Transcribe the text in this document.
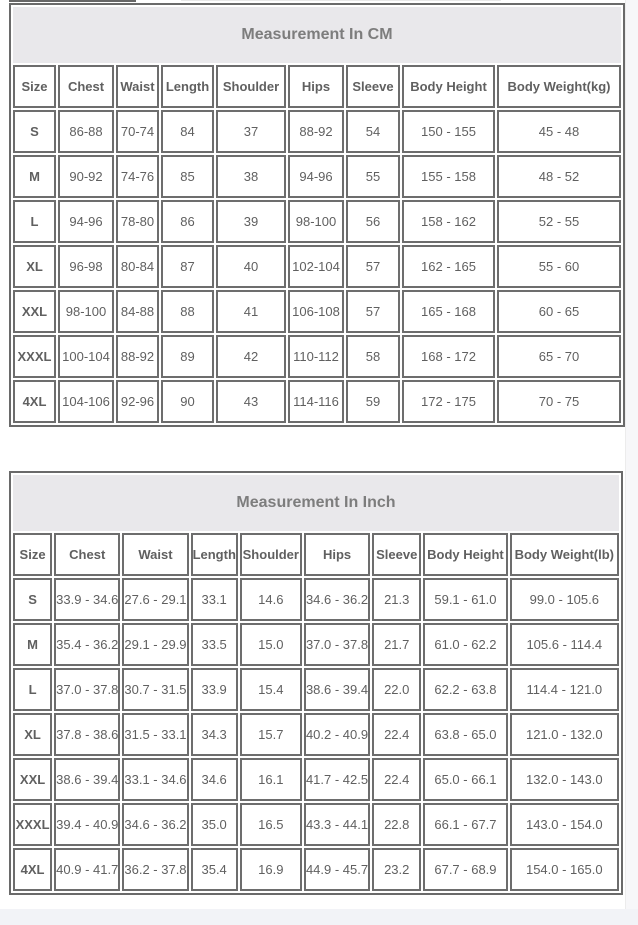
Measurement In CM								
Size	Chest	Waist	Length	Shoulder	Hips	Sleeve	Body Height	Body Weight(kg)
S	86-88	70-74	84	37	88-92	54	150 - 155	45 - 48
M	90-92	74-76	85	38	94-96	55	155 - 158	48 - 52
L	94-96	78-80	86	39	98-100	56	158 - 162	52 - 55
XL	96-98	80-84	87	40	102-104	57	162 - 165	55 - 60
XXL	98-100	84-88	88	41	106-108	57	165 - 168	60 - 65
XXXL	100-104	88-92	89	42	110-112	58	168 - 172	65 - 70
4XL	104-106	92-96	90	43	114-116	59	172 - 175	70 - 75
Measurement In Inch								
Size	Chest	Waist	Length	Shoulder	Hips	Sleeve	Body Height	Body Weight(lb)
S	33.9 - 34.6	27.6 - 29.1	33.1	14.6	34.6 - 36.2	21.3	59.1 - 61.0	99.0 - 105.6
M	35.4 - 36.2	29.1 - 29.9	33.5	15.0	37.0 - 37.8	21.7	61.0 - 62.2	105.6 - 114.4
L	37.0 - 37.8	30.7 - 31.5	33.9	15.4	38.6 - 39.4	22.0	62.2 - 63.8	114.4 - 121.0
XL	37.8 - 38.6	31.5 - 33.1	34.3	15.7	40.2 - 40.9	22.4	63.8 - 65.0	121.0 - 132.0
XXL	38.6 - 39.4	33.1 - 34.6	34.6	16.1	41.7 - 42.5	22.4	65.0 - 66.1	132.0 - 143.0
XXXL	39.4 - 40.9	34.6 - 36.2	35.0	16.5	43.3 - 44.1	22.8	66.1 - 67.7	143.0 - 154.0
4XL	40.9 - 41.7	36.2 - 37.8	35.4	16.9	44.9 - 45.7	23.2	67.7 - 68.9	154.0 - 165.0
